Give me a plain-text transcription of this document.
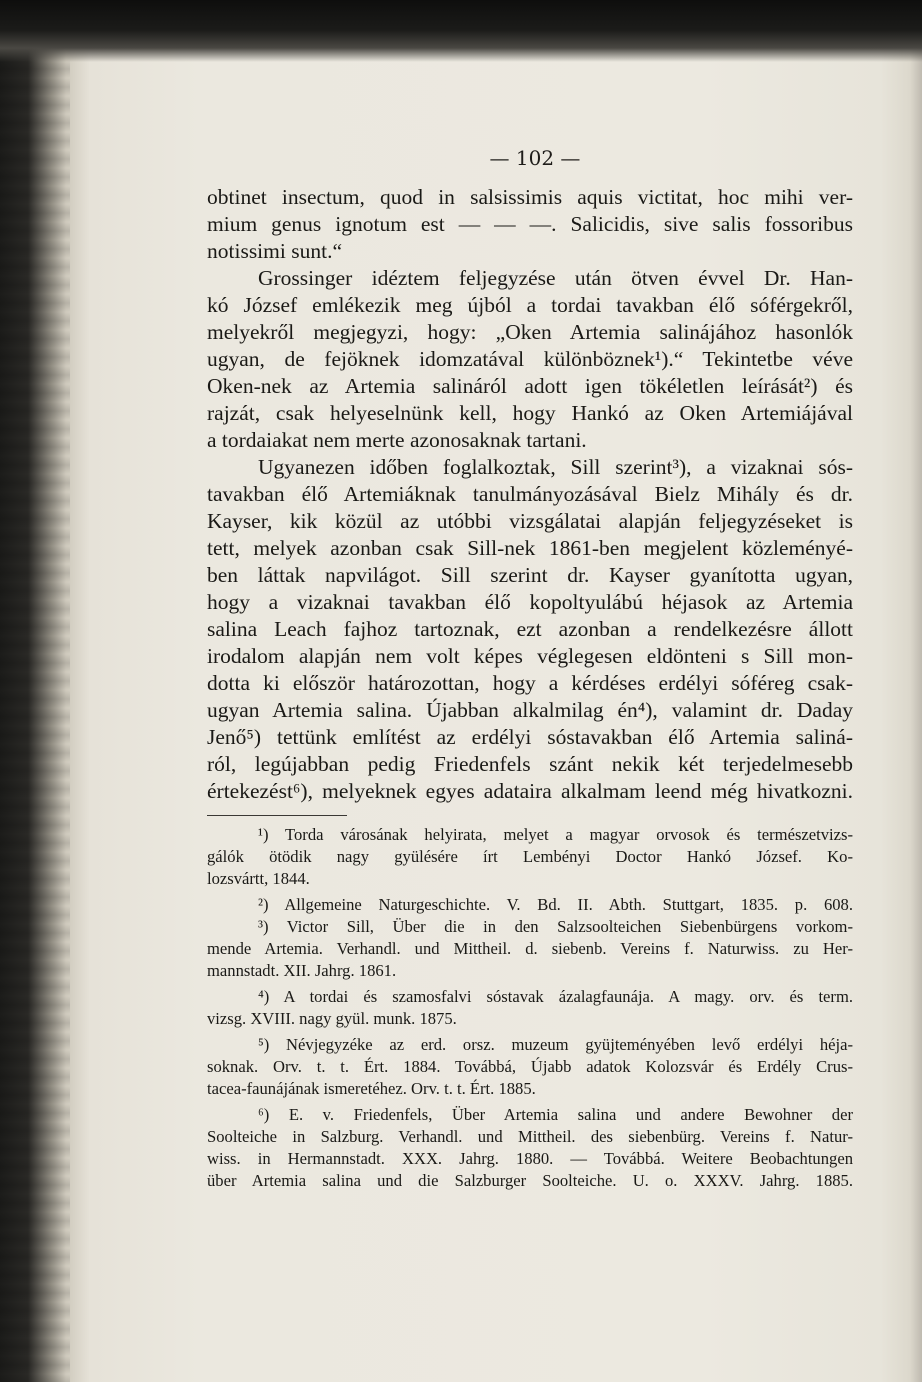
— 102 —
obtinet insectum, quod in salsissimis aquis victitat, hoc mihi ver-
mium genus ignotum est — — —. Salicidis, sive salis fossoribus
notissimi sunt.“
Grossinger idéztem feljegyzése után ötven évvel Dr. Han-
kó József emlékezik meg újból a tordai tavakban élő sóférgekről,
melyekről megjegyzi, hogy: „Oken Artemia salinájához hasonlók
ugyan, de fejöknek idomzatával különböznek¹).“ Tekintetbe véve
Oken-nek az Artemia salináról adott igen tökéletlen leírását²) és
rajzát, csak helyeselnünk kell, hogy Hankó az Oken Artemiájával
a tordaiakat nem merte azonosaknak tartani.
Ugyanezen időben foglalkoztak, Sill szerint³), a vizaknai sós-
tavakban élő Artemiáknak tanulmányozásával Bielz Mihály és dr.
Kayser, kik közül az utóbbi vizsgálatai alapján feljegyzéseket is
tett, melyek azonban csak Sill-nek 1861-ben megjelent közleményé-
ben láttak napvilágot. Sill szerint dr. Kayser gyanította ugyan,
hogy a vizaknai tavakban élő kopoltyulábú héjasok az Artemia
salina Leach fajhoz tartoznak, ezt azonban a rendelkezésre állott
irodalom alapján nem volt képes véglegesen eldönteni s Sill mon-
dotta ki először határozottan, hogy a kérdéses erdélyi sóféreg csak-
ugyan Artemia salina. Újabban alkalmilag én⁴), valamint dr. Daday
Jenő⁵) tettünk említést az erdélyi sóstavakban élő Artemia saliná-
ról, legújabban pedig Friedenfels szánt nekik két terjedelmesebb
értekezést⁶), melyeknek egyes adataira alkalmam leend még hivatkozni.
¹) Torda városának helyirata, melyet a magyar orvosok és természetvizs-
gálók ötödik nagy gyülésére írt Lembényi Doctor Hankó József. Ko-
lozsvártt, 1844.
²) Allgemeine Naturgeschichte. V. Bd. II. Abth. Stuttgart, 1835. p. 608.
³) Victor Sill, Über die in den Salzsoolteichen Siebenbürgens vorkom-
mende Artemia. Verhandl. und Mittheil. d. siebenb. Vereins f. Naturwiss. zu Her-
mannstadt. XII. Jahrg. 1861.
⁴) A tordai és szamosfalvi sóstavak ázalagfaunája. A magy. orv. és term.
vizsg. XVIII. nagy gyül. munk. 1875.
⁵) Névjegyzéke az erd. orsz. muzeum gyüjteményében levő erdélyi héja-
soknak. Orv. t. t. Ért. 1884. Továbbá, Újabb adatok Kolozsvár és Erdély Crus-
tacea-faunájának ismeretéhez. Orv. t. t. Ért. 1885.
⁶) E. v. Friedenfels, Über Artemia salina und andere Bewohner der
Soolteiche in Salzburg. Verhandl. und Mittheil. des siebenbürg. Vereins f. Natur-
wiss. in Hermannstadt. XXX. Jahrg. 1880. — Továbbá. Weitere Beobachtungen
über Artemia salina und die Salzburger Soolteiche. U. o. XXXV. Jahrg. 1885.
